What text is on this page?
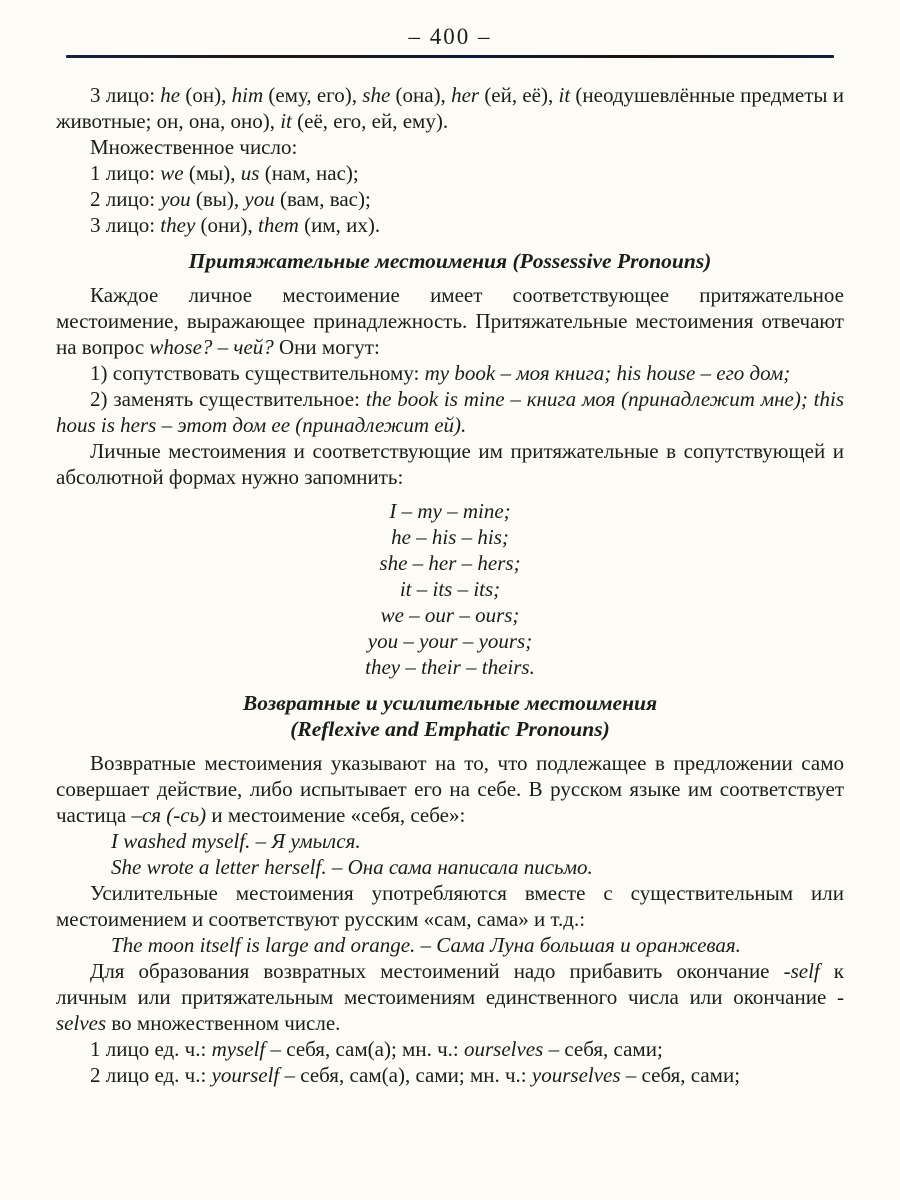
– 400 –

3 лицо: he (он), him (ему, его), she (она), her (ей, её), it (неодушевлённые предметы и животные; он, она, оно), it (её, его, ей, ему).

Множественное число:

1 лицо: we (мы), us (нам, нас);

2 лицо: you (вы), you (вам, вас);

3 лицо: they (они), them (им, их).

Притяжательные местоимения (Possessive Pronouns)

Каждое личное местоимение имеет соответствующее притяжательное местоимение, выражающее принадлежность. Притяжательные местоимения отвечают на вопрос whose? – чей? Они могут:

1) сопутствовать существительному: my book – моя книга; his house – его дом;

2) заменять существительное: the book is mine – книга моя (принадлежит мне); this hous is hers – этот дом ее (принадлежит ей).

Личные местоимения и соответствующие им притяжательные в сопутствующей и абсолютной формах нужно запомнить:

I – my – mine;
he – his – his;
she – her – hers;
it – its – its;
we – our – ours;
you – your – yours;
they – their – theirs.
Возвратные и усилительные местоимения
(Reflexive and Emphatic Pronouns)

Возвратные местоимения указывают на то, что подлежащее в предложении само совершает действие, либо испытывает его на себе. В русском языке им соответствует частица –ся (-сь) и местоимение «себя, себе»:

I washed myself. – Я умылся.

She wrote a letter herself. – Она сама написала письмо.

Усилительные местоимения употребляются вместе с существительным или местоимением и соответствуют русским «сам, сама» и т.д.:

The moon itself is large and orange. – Сама Луна большая и оранжевая.

Для образования возвратных местоимений надо прибавить окончание -self к личным или притяжательным местоимениям единственного числа или окончание -selves во множественном числе.

1 лицо ед. ч.: myself – себя, сам(а); мн. ч.: ourselves – себя, сами;

2 лицо ед. ч.: yourself – себя, сам(а), сами; мн. ч.: yourselves – себя, сами;
